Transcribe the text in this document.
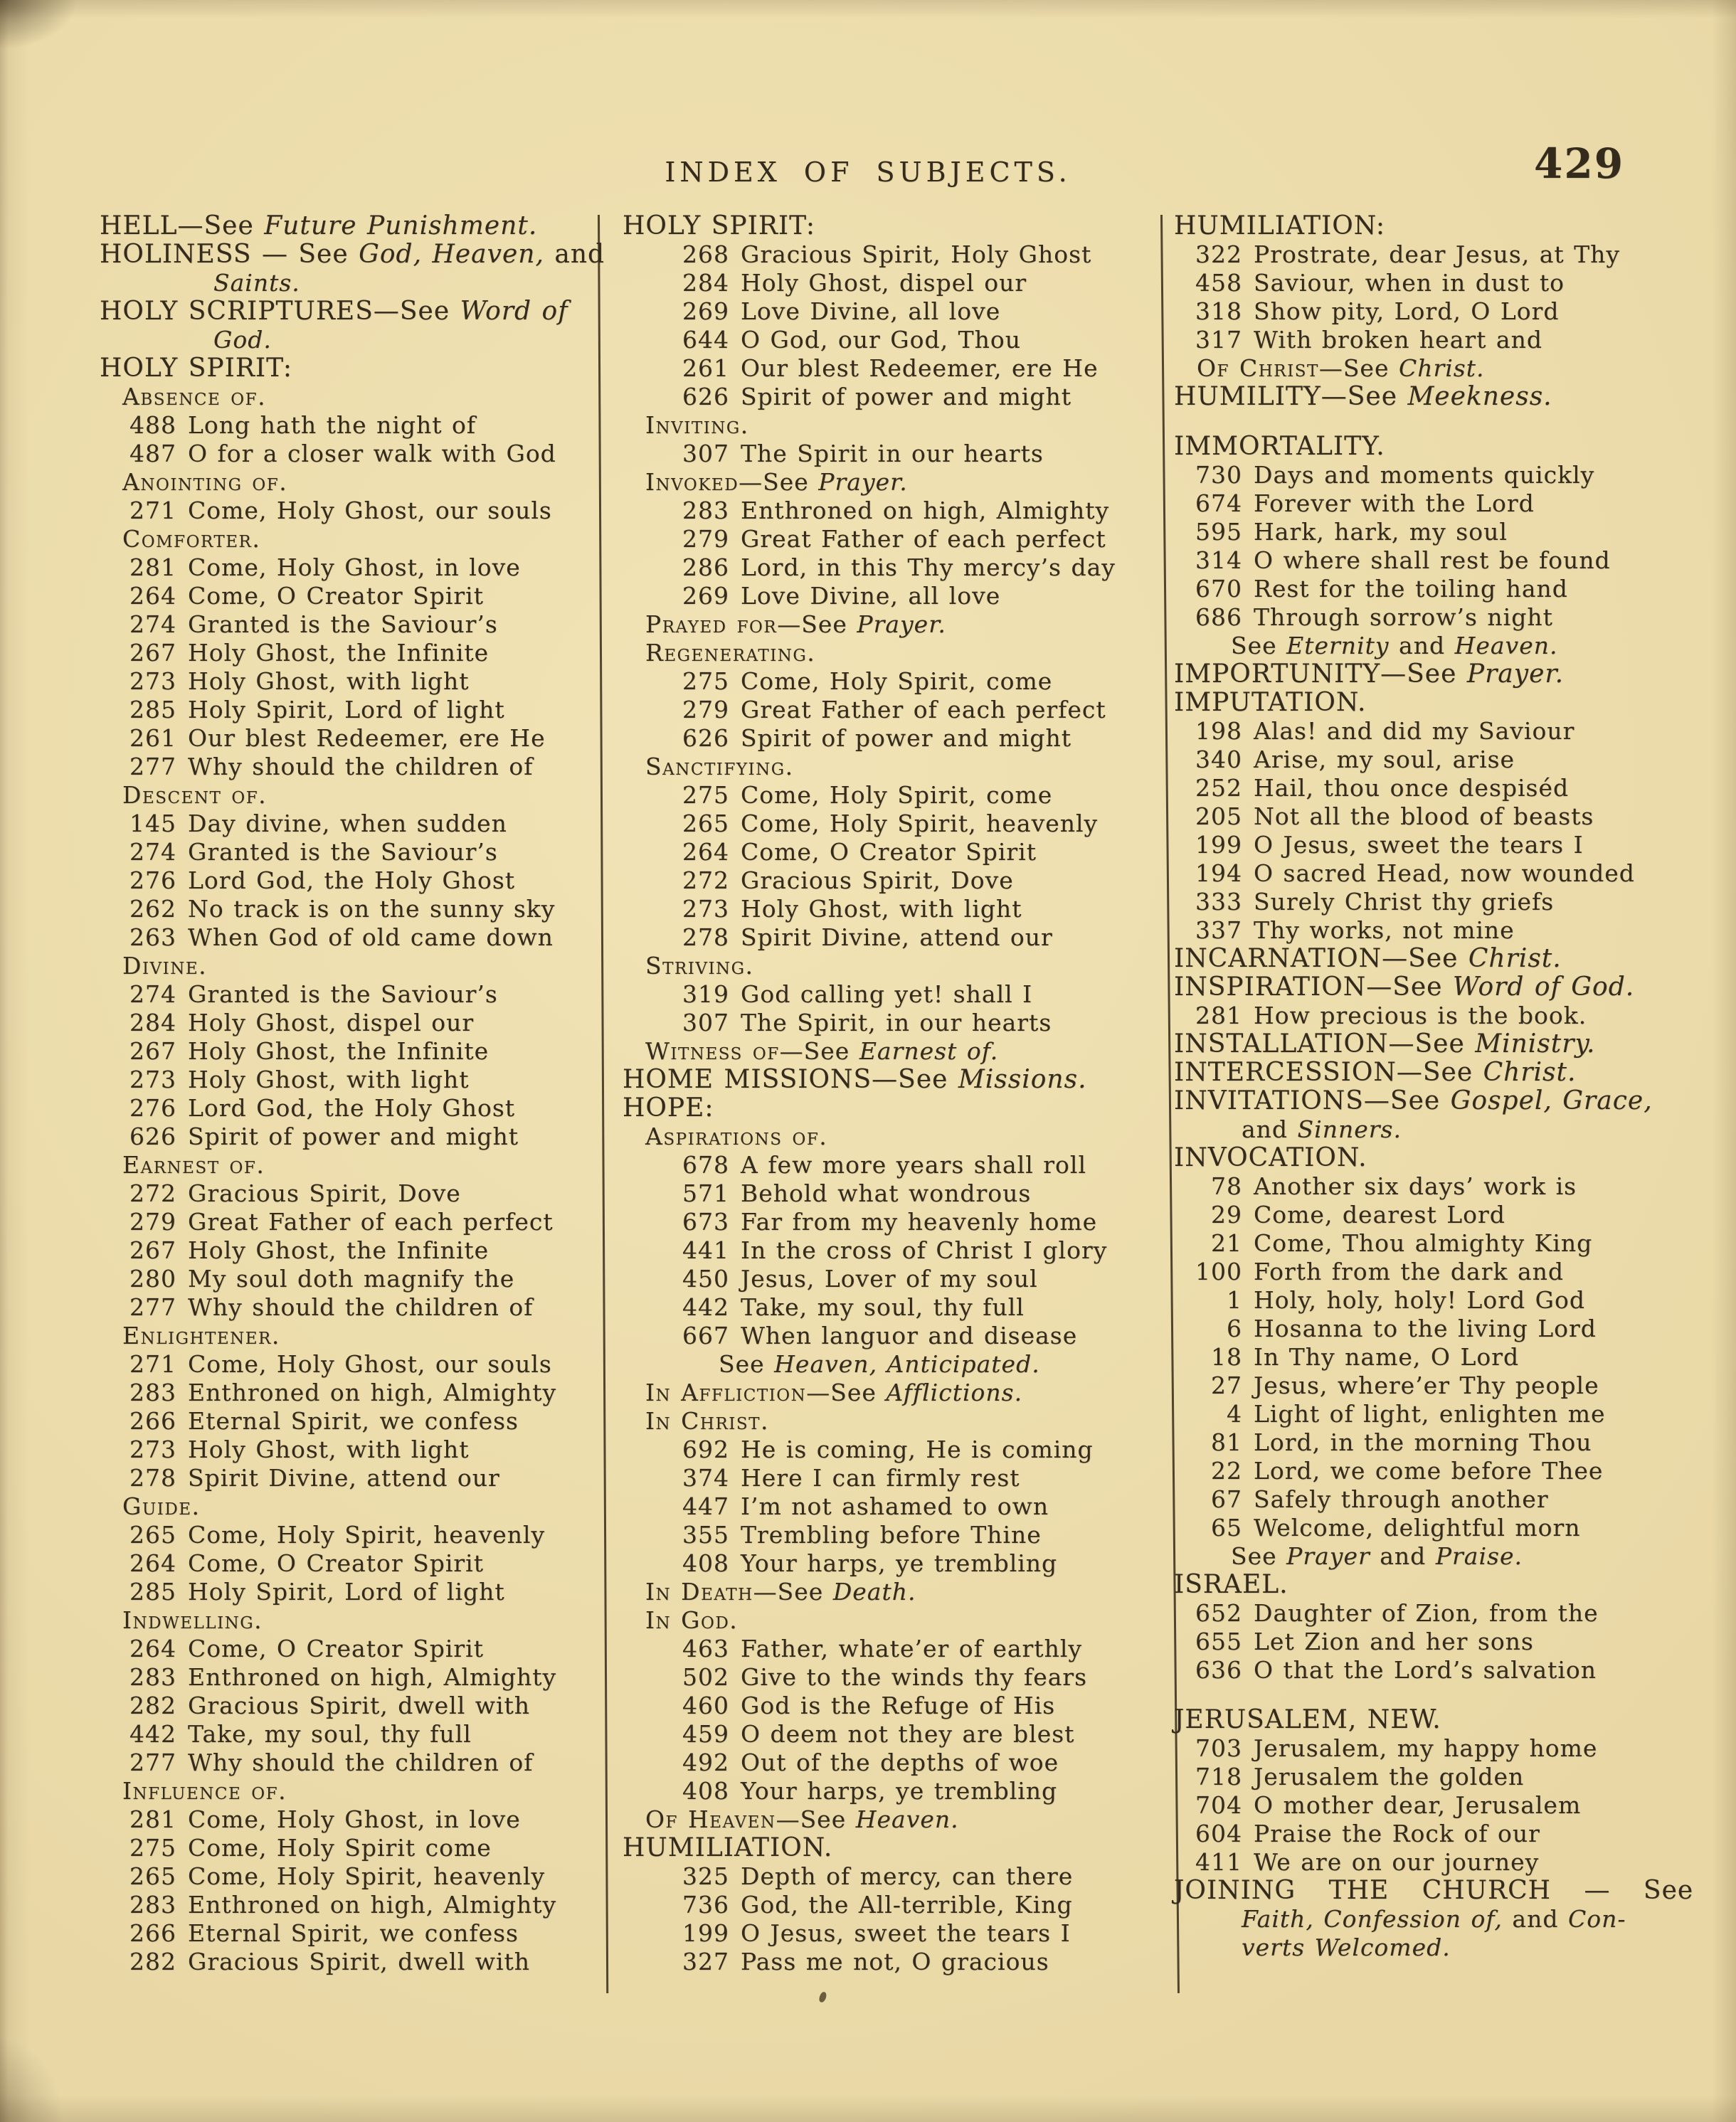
INDEX OF SUBJECTS.	429
HELL—See Future Punishment.
HOLINESS — See God, Heaven, and
Saints.
HOLY SCRIPTURES—See Word of
God.
HOLY SPIRIT:
Absence of.
488 Long hath the night of
487 O for a closer walk with God
Anointing of.
271 Come, Holy Ghost, our souls
Comforter.
281 Come, Holy Ghost, in love
264 Come, O Creator Spirit
274 Granted is the Saviour’s
267 Holy Ghost, the Infinite
273 Holy Ghost, with light
285 Holy Spirit, Lord of light
261 Our blest Redeemer, ere He
277 Why should the children of
Descent of.
145 Day divine, when sudden
274 Granted is the Saviour’s
276 Lord God, the Holy Ghost
262 No track is on the sunny sky
263 When God of old came down
Divine.
274 Granted is the Saviour’s
284 Holy Ghost, dispel our
267 Holy Ghost, the Infinite
273 Holy Ghost, with light
276 Lord God, the Holy Ghost
626 Spirit of power and might
Earnest of.
272 Gracious Spirit, Dove
279 Great Father of each perfect
267 Holy Ghost, the Infinite
280 My soul doth magnify the
277 Why should the children of
Enlightener.
271 Come, Holy Ghost, our souls
283 Enthroned on high, Almighty
266 Eternal Spirit, we confess
273 Holy Ghost, with light
278 Spirit Divine, attend our
Guide.
265 Come, Holy Spirit, heavenly
264 Come, O Creator Spirit
285 Holy Spirit, Lord of light
Indwelling.
264 Come, O Creator Spirit
283 Enthroned on high, Almighty
282 Gracious Spirit, dwell with
442 Take, my soul, thy full
277 Why should the children of
Influence of.
281 Come, Holy Ghost, in love
275 Come, Holy Spirit come
265 Come, Holy Spirit, heavenly
283 Enthroned on high, Almighty
266 Eternal Spirit, we confess
282 Gracious Spirit, dwell with
HOLY SPIRIT:
268 Gracious Spirit, Holy Ghost
284 Holy Ghost, dispel our
269 Love Divine, all love
644 O God, our God, Thou
261 Our blest Redeemer, ere He
626 Spirit of power and might
Inviting.
307 The Spirit in our hearts
Invoked—See Prayer.
283 Enthroned on high, Almighty
279 Great Father of each perfect
286 Lord, in this Thy mercy’s day
269 Love Divine, all love
Prayed for—See Prayer.
Regenerating.
275 Come, Holy Spirit, come
279 Great Father of each perfect
626 Spirit of power and might
Sanctifying.
275 Come, Holy Spirit, come
265 Come, Holy Spirit, heavenly
264 Come, O Creator Spirit
272 Gracious Spirit, Dove
273 Holy Ghost, with light
278 Spirit Divine, attend our
Striving.
319 God calling yet! shall I
307 The Spirit, in our hearts
Witness of—See Earnest of.
HOME MISSIONS—See Missions.
HOPE:
Aspirations of.
678 A few more years shall roll
571 Behold what wondrous
673 Far from my heavenly home
441 In the cross of Christ I glory
450 Jesus, Lover of my soul
442 Take, my soul, thy full
667 When languor and disease
See Heaven, Anticipated.
In Affliction—See Afflictions.
In Christ.
692 He is coming, He is coming
374 Here I can firmly rest
447 I’m not ashamed to own
355 Trembling before Thine
408 Your harps, ye trembling
In Death—See Death.
In God.
463 Father, whate’er of earthly
502 Give to the winds thy fears
460 God is the Refuge of His
459 O deem not they are blest
492 Out of the depths of woe
408 Your harps, ye trembling
Of Heaven—See Heaven.
HUMILIATION.
325 Depth of mercy, can there
736 God, the All-terrible, King
199 O Jesus, sweet the tears I
327 Pass me not, O gracious
HUMILIATION:
322 Prostrate, dear Jesus, at Thy
458 Saviour, when in dust to
318 Show pity, Lord, O Lord
317 With broken heart and
Of Christ—See Christ.
HUMILITY—See Meekness.
IMMORTALITY.
730 Days and moments quickly
674 Forever with the Lord
595 Hark, hark, my soul
314 O where shall rest be found
670 Rest for the toiling hand
686 Through sorrow’s night
See Eternity and Heaven.
IMPORTUNITY—See Prayer.
IMPUTATION.
198 Alas! and did my Saviour
340 Arise, my soul, arise
252 Hail, thou once despiséd
205 Not all the blood of beasts
199 O Jesus, sweet the tears I
194 O sacred Head, now wounded
333 Surely Christ thy griefs
337 Thy works, not mine
INCARNATION—See Christ.
INSPIRATION—See Word of God.
281 How precious is the book.
INSTALLATION—See Ministry.
INTERCESSION—See Christ.
INVITATIONS—See Gospel, Grace,
and Sinners.
INVOCATION.
78 Another six days’ work is
29 Come, dearest Lord
21 Come, Thou almighty King
100 Forth from the dark and
1 Holy, holy, holy! Lord God
6 Hosanna to the living Lord
18 In Thy name, O Lord
27 Jesus, where’er Thy people
4 Light of light, enlighten me
81 Lord, in the morning Thou
22 Lord, we come before Thee
67 Safely through another
65 Welcome, delightful morn
See Prayer and Praise.
ISRAEL.
652 Daughter of Zion, from the
655 Let Zion and her sons
636 O that the Lord’s salvation
JERUSALEM, NEW.
703 Jerusalem, my happy home
718 Jerusalem the golden
704 O mother dear, Jerusalem
604 Praise the Rock of our
411 We are on our journey
JOINING THE CHURCH — See
Faith, Confession of, and Con-
verts Welcomed.
